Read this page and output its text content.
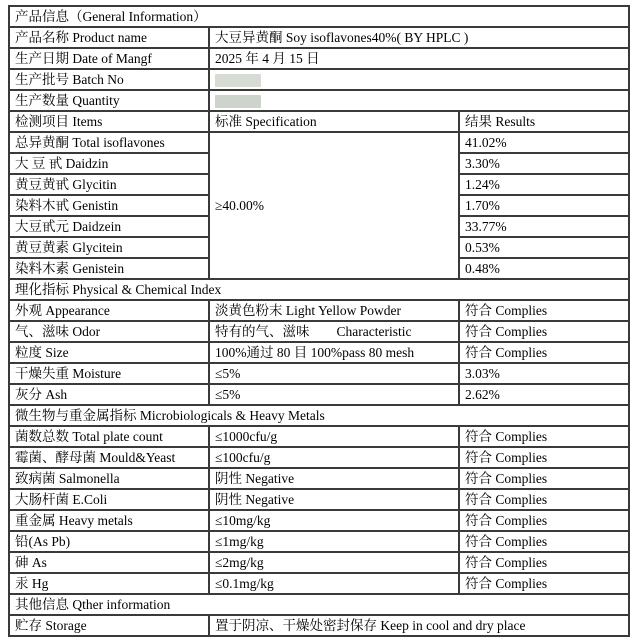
产品信息（General Information）		
产品名称 Product name	大豆异黄酮 Soy isoflavones40%( BY HPLC )	
生产日期 Date of Mangf	2025 年 4 月 15 日	
生产批号 Batch No		
生产数量 Quantity		
检测项目 Items	标准 Specification	结果 Results
总异黄酮 Total isoflavones	≥40.00%	41.02%
大 豆 甙 Daidzin		3.30%
黄豆黄甙 Glycitin		1.24%
染料木甙 Genistin		1.70%
大豆甙元 Daidzein		33.77%
黄豆黄素 Glycitein		0.53%
染料木素 Genistein		0.48%
理化指标 Physical & Chemical Index		
外观 Appearance	淡黄色粉末 Light Yellow Powder	符合 Complies
气、滋味 Odor	特有的气、滋味　　Characteristic	符合 Complies
粒度 Size	100%通过 80 目 100%pass 80 mesh	符合 Complies
干燥失重 Moisture	≤5%	3.03%
灰分 Ash	≤5%	2.62%
微生物与重金属指标 Microbiologicals & Heavy Metals		
菌数总数 Total plate count	≤1000cfu/g	符合 Complies
霉菌、酵母菌 Mould&Yeast	≤100cfu/g	符合 Complies
致病菌 Salmonella	阴性 Negative	符合 Complies
大肠杆菌 E.Coli	阴性 Negative	符合 Complies
重金属 Heavy metals	≤10mg/kg	符合 Complies
铅(As Pb)	≤1mg/kg	符合 Complies
砷 As	≤2mg/kg	符合 Complies
汞 Hg	≤0.1mg/kg	符合 Complies
其他信息 Qther information		
贮存 Storage	置于阴凉、干燥处密封保存 Keep in cool and dry place	
